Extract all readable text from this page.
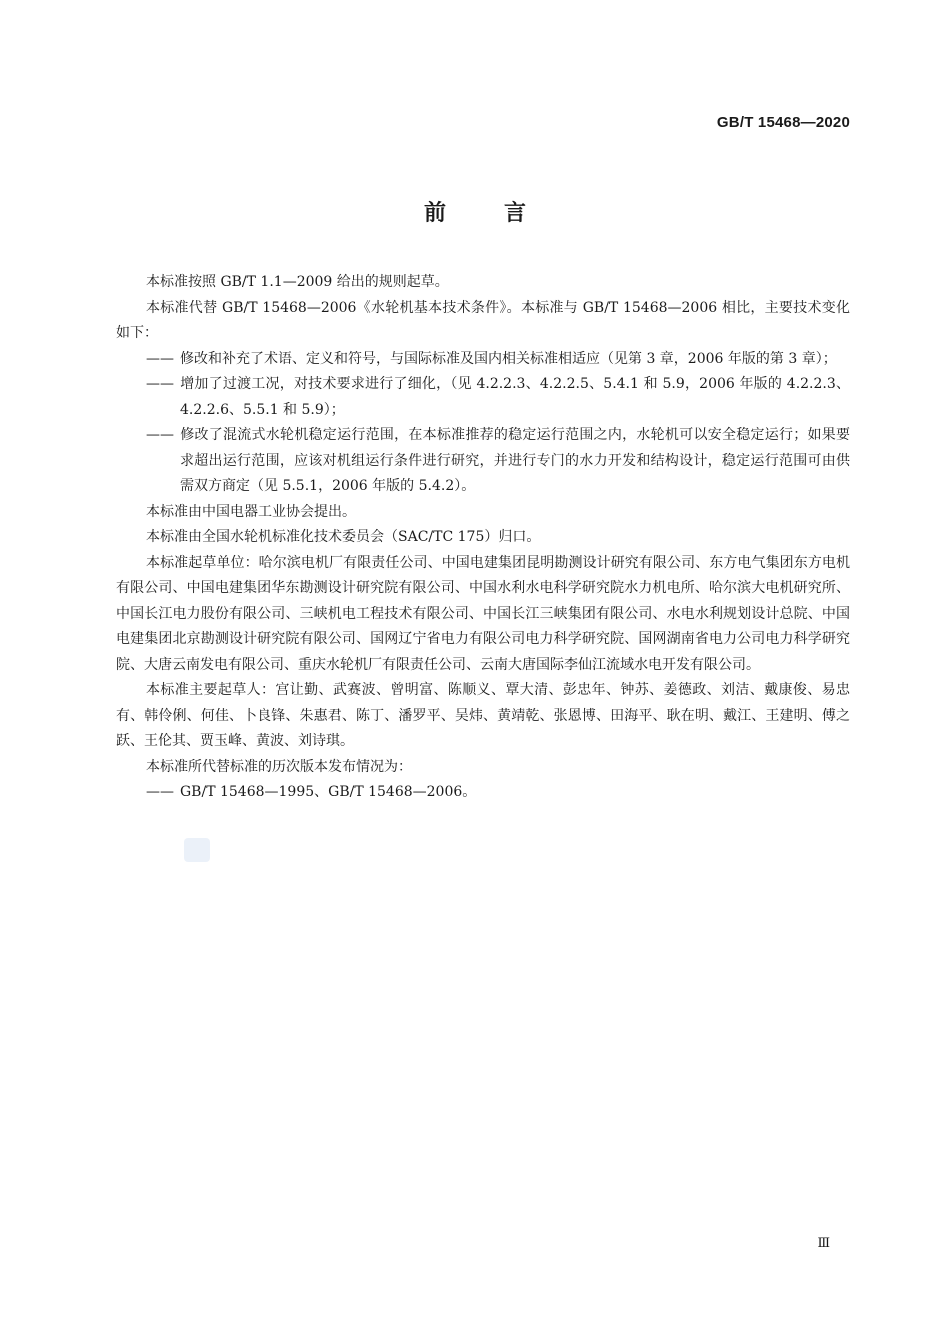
GB/T 15468—2020
前言

本标准按照 GB/T 1.1—2009 给出的规则起草。

本标准代替 GB/T 15468—2006《水轮机基本技术条件》。本标准与 GB/T 15468—2006 相比，主要技术变化如下：

—— 修改和补充了术语、定义和符号，与国际标准及国内相关标准相适应（见第 3 章，2006 年版的第 3 章）；

—— 增加了过渡工况，对技术要求进行了细化，（见 4.2.2.3、4.2.2.5、5.4.1 和 5.9，2006 年版的 4.2.2.3、4.2.2.6、5.5.1 和 5.9）；

—— 修改了混流式水轮机稳定运行范围，在本标准推荐的稳定运行范围之内，水轮机可以安全稳定运行；如果要求超出运行范围，应该对机组运行条件进行研究，并进行专门的水力开发和结构设计，稳定运行范围可由供需双方商定（见 5.5.1，2006 年版的 5.4.2）。

本标准由中国电器工业协会提出。

本标准由全国水轮机标准化技术委员会（SAC/TC 175）归口。

本标准起草单位：哈尔滨电机厂有限责任公司、中国电建集团昆明勘测设计研究有限公司、东方电气集团东方电机有限公司、中国电建集团华东勘测设计研究院有限公司、中国水利水电科学研究院水力机电所、哈尔滨大电机研究所、中国长江电力股份有限公司、三峡机电工程技术有限公司、中国长江三峡集团有限公司、水电水利规划设计总院、中国电建集团北京勘测设计研究院有限公司、国网辽宁省电力有限公司电力科学研究院、国网湖南省电力公司电力科学研究院、大唐云南发电有限公司、重庆水轮机厂有限责任公司、云南大唐国际李仙江流域水电开发有限公司。

本标准主要起草人：宫让勤、武赛波、曾明富、陈顺义、覃大清、彭忠年、钟苏、姜德政、刘洁、戴康俊、易忠有、韩伶俐、何佳、卜良锋、朱惠君、陈丁、潘罗平、吴炜、黄靖乾、张恩博、田海平、耿在明、戴江、王建明、傅之跃、王伦其、贾玉峰、黄波、刘诗琪。

本标准所代替标准的历次版本发布情况为：

—— GB/T 15468—1995、GB/T 15468—2006。

Ⅲ
